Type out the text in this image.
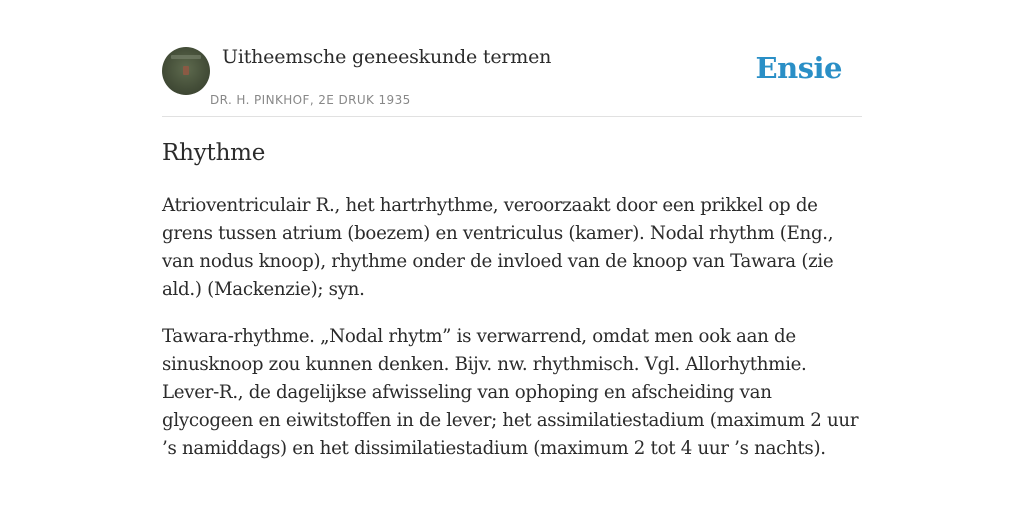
Uitheemsche geneeskunde termen
DR. H. PINKHOF, 2E DRUK 1935
Ensie
Rhythme

Atrioventriculair R., het hartrhythme, veroorzaakt door een prikkel op de grens tussen atrium (boezem) en ventriculus (kamer). Nodal rhythm (Eng., van nodus knoop), rhythme onder de invloed van de knoop van Tawara (zie ald.) (Mackenzie); syn.

Tawara-rhythme. „Nodal rhytm” is verwarrend, omdat men ook aan de sinusknoop zou kunnen denken. Bijv. nw. rhythmisch. Vgl. Allorhythmie. Lever-R., de dagelijkse afwisseling van ophoping en afscheiding van glycogeen en eiwitstoffen in de lever; het assimilatiestadium (maximum 2 uur ’s namiddags) en het dissimilatiestadium (maximum 2 tot 4 uur ’s nachts).
